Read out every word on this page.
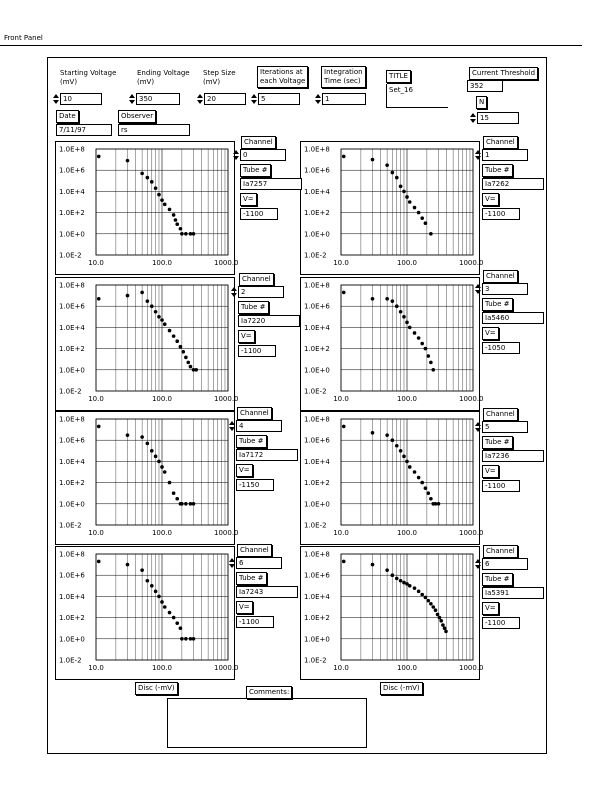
Front Panel
Starting Voltage
(mV)
10
Ending Voltage
(mV)
350
Step Size
(mV)
20
Iterations at
each Voltage
5
Integration
Time (sec)
1
TITLE
Set_16
Current Threshold
352
N
15
Date
7/11/97
Observer
rs
1.0E+8
1.0E+6
1.0E+4
1.0E+2
1.0E+0
1.0E-2
10.0	100.0	1000.0
1.0E+8
1.0E+6
1.0E+4
1.0E+2
1.0E+0
1.0E-2
10.0	100.0	1000.0
1.0E+8
1.0E+6
1.0E+4
1.0E+2
1.0E+0
1.0E-2
10.0	100.0	1000.0
1.0E+8
1.0E+6
1.0E+4
1.0E+2
1.0E+0
1.0E-2
10.0	100.0	1000.0
1.0E+8
1.0E+6
1.0E+4
1.0E+2
1.0E+0
1.0E-2
10.0	100.0	1000.0
1.0E+8
1.0E+6
1.0E+4
1.0E+2
1.0E+0
1.0E-2
10.0	100.0	1000.0
1.0E+8
1.0E+6
1.0E+4
1.0E+2
1.0E+0
1.0E-2
10.0	100.0	1000.0
1.0E+8
1.0E+6
1.0E+4
1.0E+2
1.0E+0
1.0E-2
10.0	100.0	1000.0
Comments:
Channel
0
Tube #
Ia7257
V=
-1100
Channel
1
Tube #
Ia7262
V=
-1100
Channel
2
Tube #
Ia7220
V=
-1100
Channel
3
Tube #
Ia5460
V=
-1050
Channel
4
Tube #
Ia7172
V=
-1150
Channel
5
Tube #
Ia7236
V=
-1100
Channel
6
Tube #
Ia7243
V=
-1100
Channel
6
Tube #
Ia5391
V=
-1100
Disc (-mV)	Disc (-mV)
